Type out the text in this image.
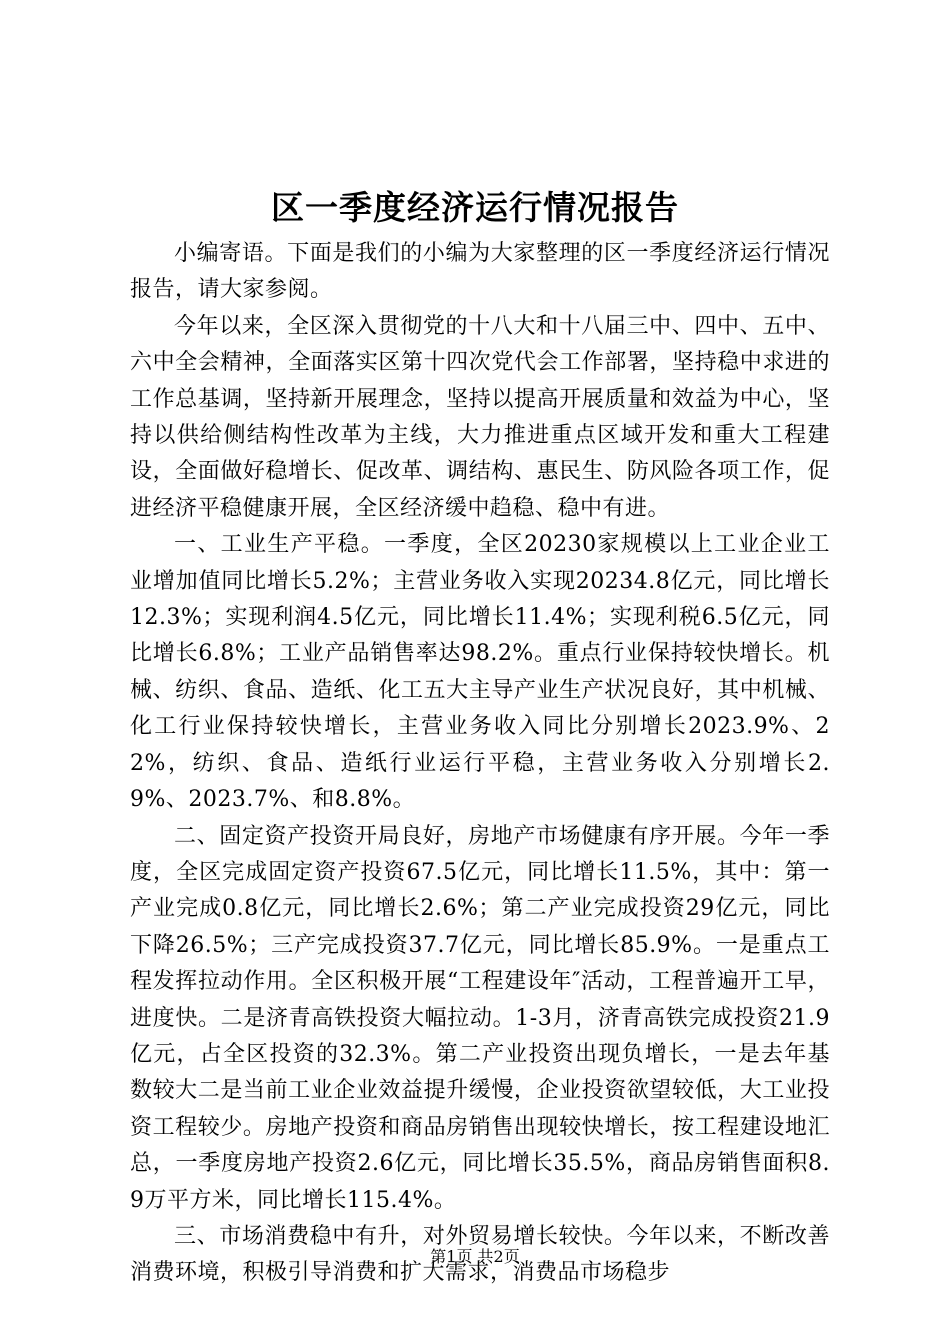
区一季度经济运行情况报告

小编寄语。下面是我们的小编为大家整理的区一季度经济运行情况报告，请大家参阅。

今年以来，全区深入贯彻党的十八大和十八届三中、四中、五中、六中全会精神，全面落实区第十四次党代会工作部署，坚持稳中求进的工作总基调，坚持新开展理念，坚持以提高开展质量和效益为中心，坚持以供给侧结构性改革为主线，大力推进重点区域开发和重大工程建设，全面做好稳增长、促改革、调结构、惠民生、防风险各项工作，促进经济平稳健康开展，全区经济缓中趋稳、稳中有进。

一、工业生产平稳。一季度，全区20230家规模以上工业企业工业增加值同比增长5.2%；主营业务收入实现20234.8亿元，同比增长12.3%；实现利润4.5亿元，同比增长11.4%；实现利税6.5亿元，同比增长6.8%；工业产品销售率达98.2%。重点行业保持较快增长。机械、纺织、食品、造纸、化工五大主导产业生产状况良好，其中机械、化工行业保持较快增长，主营业务收入同比分别增长2023.9%、22%，纺织、食品、造纸行业运行平稳，主营业务收入分别增长2.9%、2023.7%、和8.8%。

二、固定资产投资开局良好，房地产市场健康有序开展。今年一季度，全区完成固定资产投资67.5亿元，同比增长11.5%，其中：第一产业完成0.8亿元，同比增长2.6%；第二产业完成投资29亿元，同比下降26.5%；三产完成投资37.7亿元，同比增长85.9%。一是重点工程发挥拉动作用。全区积极开展“工程建设年″活动，工程普遍开工早，进度快。二是济青高铁投资大幅拉动。1-3月，济青高铁完成投资21.9亿元，占全区投资的32.3%。第二产业投资出现负增长，一是去年基数较大二是当前工业企业效益提升缓慢，企业投资欲望较低，大工业投资工程较少。房地产投资和商品房销售出现较快增长，按工程建设地汇总，一季度房地产投资2.6亿元，同比增长35.5%，商品房销售面积8.9万平方米，同比增长115.4%。

三、市场消费稳中有升，对外贸易增长较快。今年以来，不断改善消费环境，积极引导消费和扩大需求，消费品市场稳步

第1页 共2页
